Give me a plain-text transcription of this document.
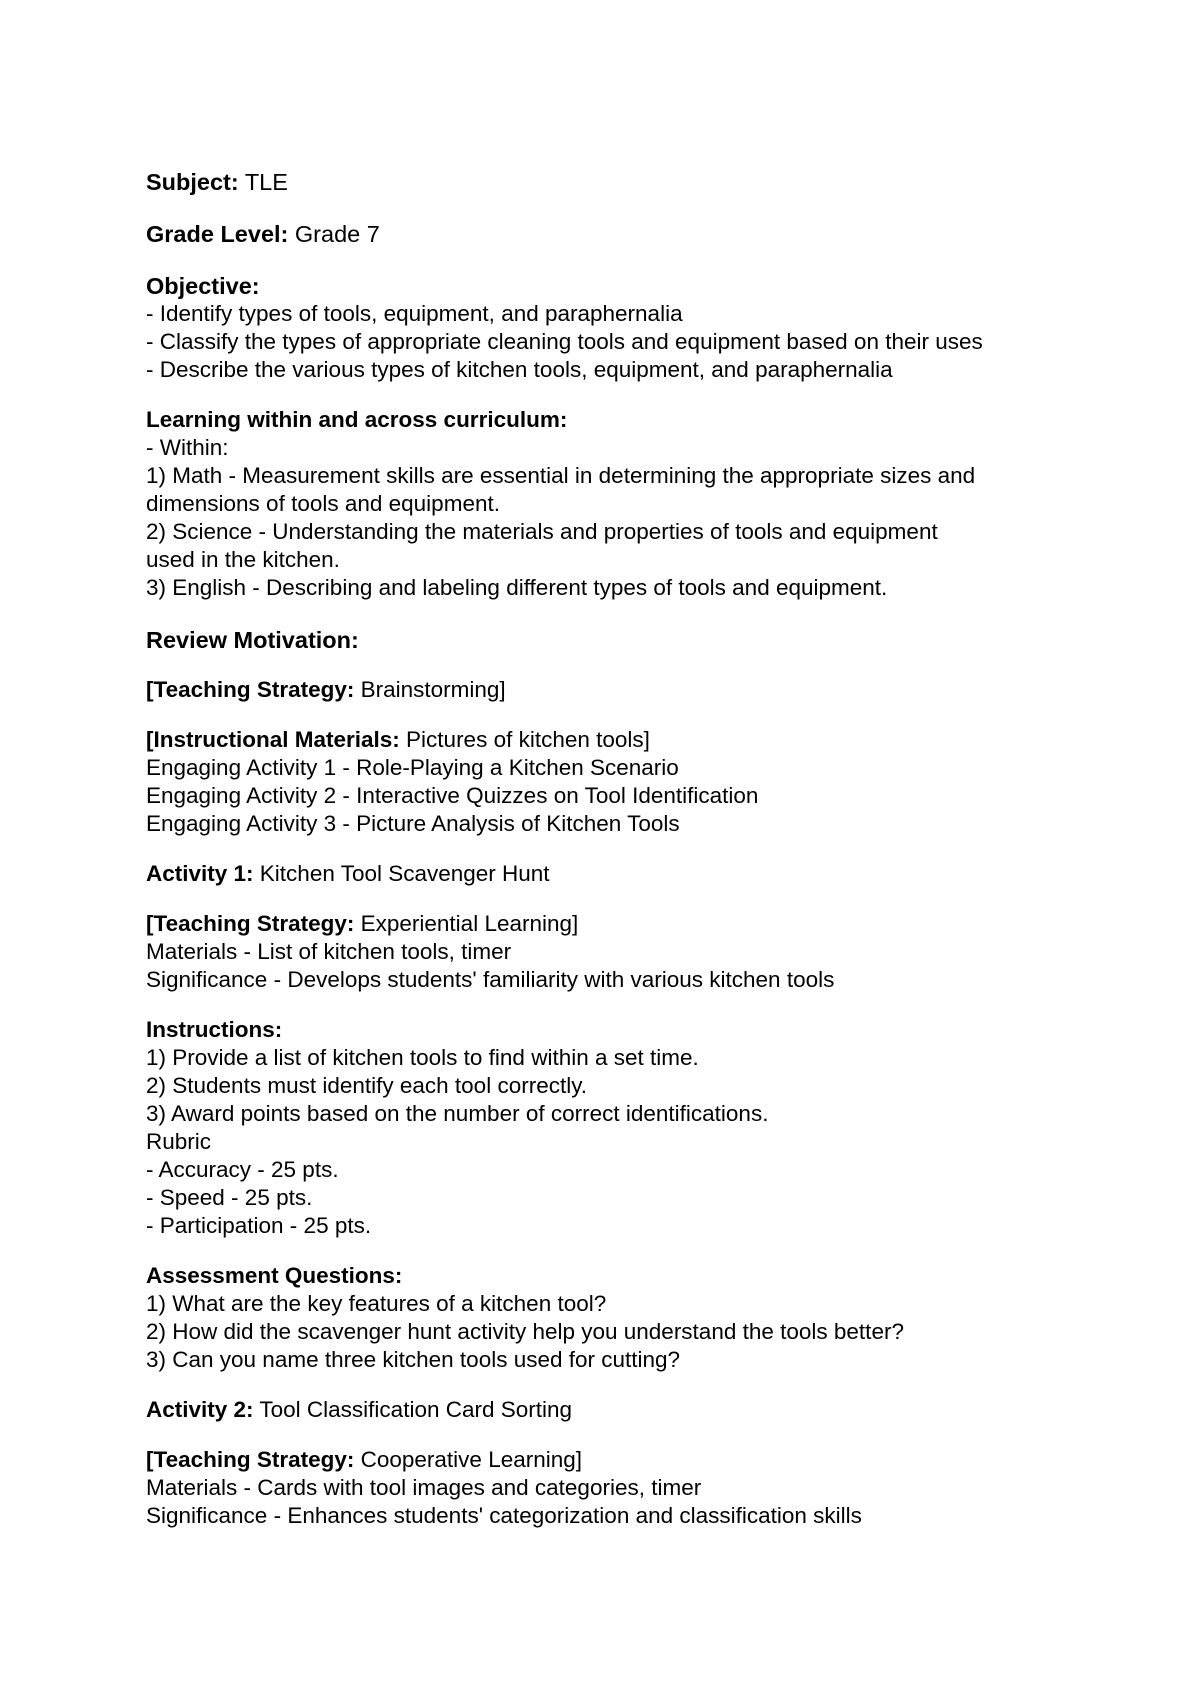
Subject: TLE

Grade Level: Grade 7

Objective:

- Identify types of tools, equipment, and paraphernalia

- Classify the types of appropriate cleaning tools and equipment based on their uses

- Describe the various types of kitchen tools, equipment, and paraphernalia

Learning within and across curriculum:

- Within:

1) Math - Measurement skills are essential in determining the appropriate sizes and

dimensions of tools and equipment.

2) Science - Understanding the materials and properties of tools and equipment

used in the kitchen.

3) English - Describing and labeling different types of tools and equipment.

Review Motivation:

[Teaching Strategy: Brainstorming]

[Instructional Materials: Pictures of kitchen tools]

Engaging Activity 1 - Role-Playing a Kitchen Scenario

Engaging Activity 2 - Interactive Quizzes on Tool Identification

Engaging Activity 3 - Picture Analysis of Kitchen Tools

Activity 1: Kitchen Tool Scavenger Hunt

[Teaching Strategy: Experiential Learning]

Materials - List of kitchen tools, timer

Significance - Develops students' familiarity with various kitchen tools

Instructions:

1) Provide a list of kitchen tools to find within a set time.

2) Students must identify each tool correctly.

3) Award points based on the number of correct identifications.

Rubric

- Accuracy - 25 pts.

- Speed - 25 pts.

- Participation - 25 pts.

Assessment Questions:

1) What are the key features of a kitchen tool?

2) How did the scavenger hunt activity help you understand the tools better?

3) Can you name three kitchen tools used for cutting?

Activity 2: Tool Classification Card Sorting

[Teaching Strategy: Cooperative Learning]

Materials - Cards with tool images and categories, timer

Significance - Enhances students' categorization and classification skills
